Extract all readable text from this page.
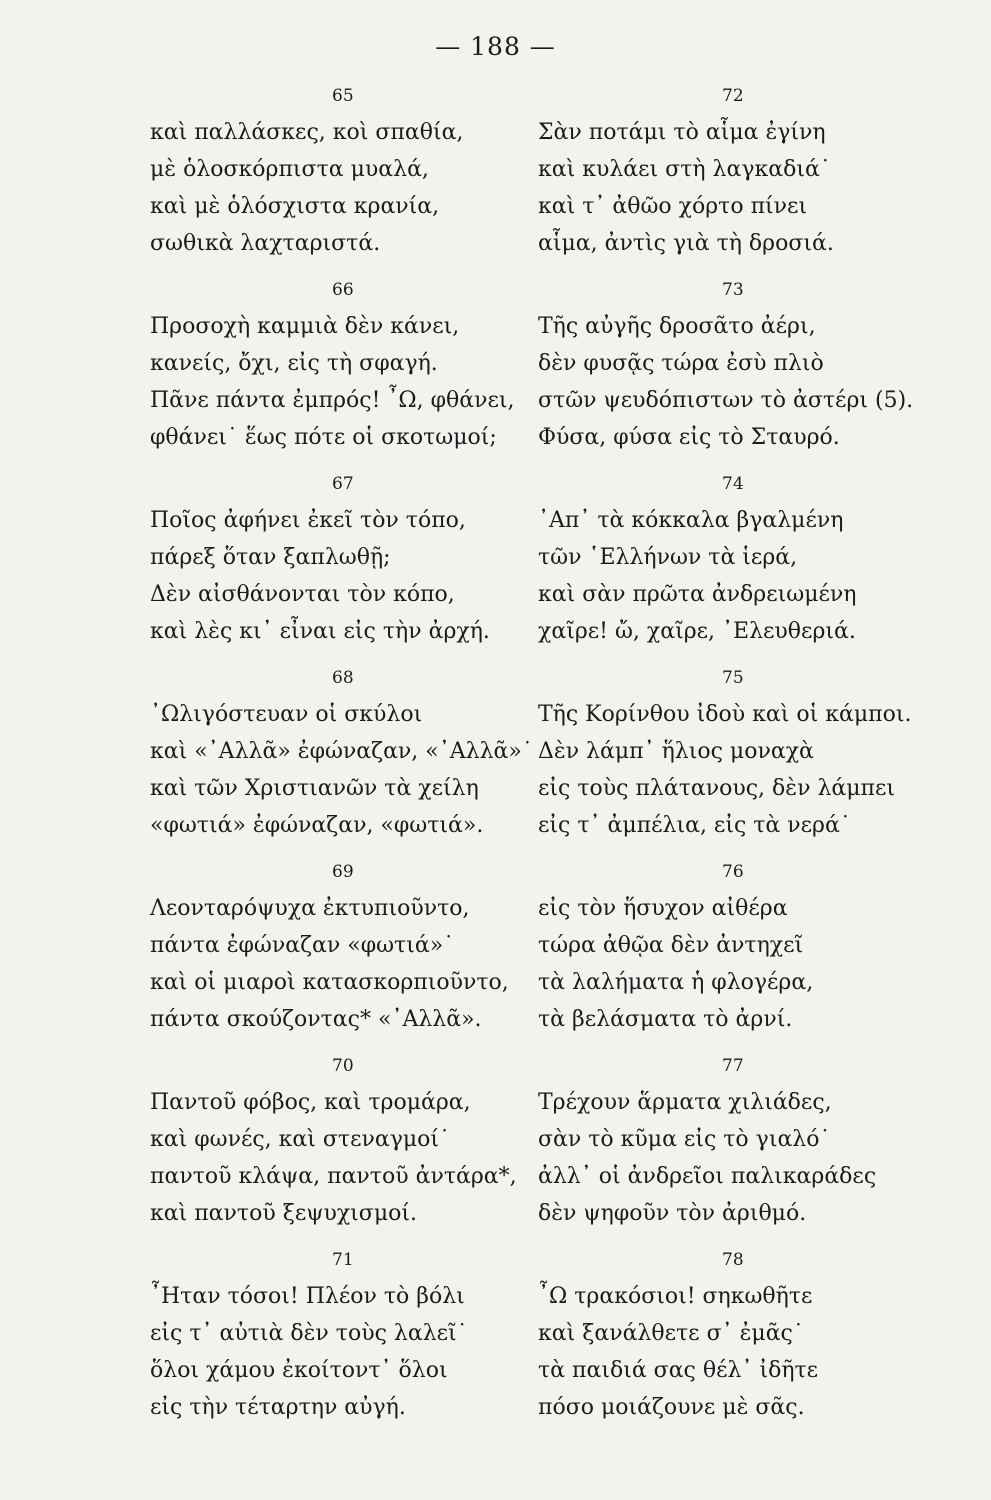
— 188 —
65
καὶ παλλάσκες, κοὶ σπαθία,
μὲ ὁλοσκόρπιστα μυαλά,
καὶ μὲ ὁλόσχιστα κρανία,
σωθικὰ λαχταριστά.
66
Προσοχὴ καμμιὰ δὲν κάνει,
κανείς, ὄχι, εἰς τὴ σφαγή.
Πᾶνε πάντα ἐμπρός! ῏Ω, φθάνει,
φθάνει˙ ἕως πότε οἱ σκοτωμοί;
67
Ποῖος ἀφήνει ἐκεῖ τὸν τόπο,
πάρεξ ὅταν ξαπλωθῇ;
Δὲν αἰσθάνονται τὸν κόπο,
καὶ λὲς κι᾿ εἶναι εἰς τὴν ἀρχή.
68
᾿Ωλιγόστευαν οἱ σκύλοι
καὶ «᾿Αλλᾶ» ἐφώναζαν, «᾿Αλλᾶ»˙
καὶ τῶν Χριστιανῶν τὰ χείλη
«φωτιά» ἐφώναζαν, «φωτιά».
69
Λεονταρόψυχα ἐκτυπιοῦντο,
πάντα ἐφώναζαν «φωτιά»˙
καὶ οἱ μιαροὶ κατασκορπιοῦντο,
πάντα σκούζοντας* «᾿Αλλᾶ».
70
Παντοῦ φόβος, καὶ τρομάρα,
καὶ φωνές, καὶ στεναγμοί˙
παντοῦ κλάψα, παντοῦ ἀντάρα*,
καὶ παντοῦ ξεψυχισμοί.
71
῏Ηταν τόσοι! Πλέον τὸ βόλι
εἰς τ᾿ αὐτιὰ δὲν τοὺς λαλεῖ˙
ὅλοι χάμου ἐκοίτοντ᾿ ὅλοι
εἰς τὴν τέταρτην αὐγή.
72
Σὰν ποτάμι τὸ αἷμα ἐγίνη
καὶ κυλάει στὴ λαγκαδιά˙
καὶ τ᾿ ἀθῶο χόρτο πίνει
αἷμα, ἀντὶς γιὰ τὴ δροσιά.
73
Τῆς αὐγῆς δροσᾶτο ἀέρι,
δὲν φυσᾷς τώρα ἐσὺ πλιὸ
στῶν ψευδόπιστων τὸ ἀστέρι (5).
Φύσα, φύσα εἰς τὸ Σταυρό.
74
᾿Απ᾿ τὰ κόκκαλα βγαλμένη
τῶν ῾Ελλήνων τὰ ἱερά,
καὶ σὰν πρῶτα ἀνδρειωμένη
χαῖρε! ὤ, χαῖρε, ᾿Ελευθεριά.
75
Τῆς Κορίνθου ἰδοὺ καὶ οἱ κάμποι.
Δὲν λάμπ᾿ ἥλιος μοναχὰ
εἰς τοὺς πλάτανους, δὲν λάμπει
εἰς τ᾿ ἀμπέλια, εἰς τὰ νερά˙
76
εἰς τὸν ἥσυχον αἰθέρα
τώρα ἀθῷα δὲν ἀντηχεῖ
τὰ λαλήματα ἡ φλογέρα,
τὰ βελάσματα τὸ ἀρνί.
77
Τρέχουν ἅρματα χιλιάδες,
σὰν τὸ κῦμα εἰς τὸ γιαλό˙
ἀλλ᾿ οἱ ἀνδρεῖοι παλικαράδες
δὲν ψηφοῦν τὸν ἀριθμό.
78
῏Ω τρακόσιοι! σηκωθῆτε
καὶ ξανάλθετε σ᾿ ἐμᾶς˙
τὰ παιδιά σας θέλ᾿ ἰδῆτε
πόσο μοιάζουνε μὲ σᾶς.
